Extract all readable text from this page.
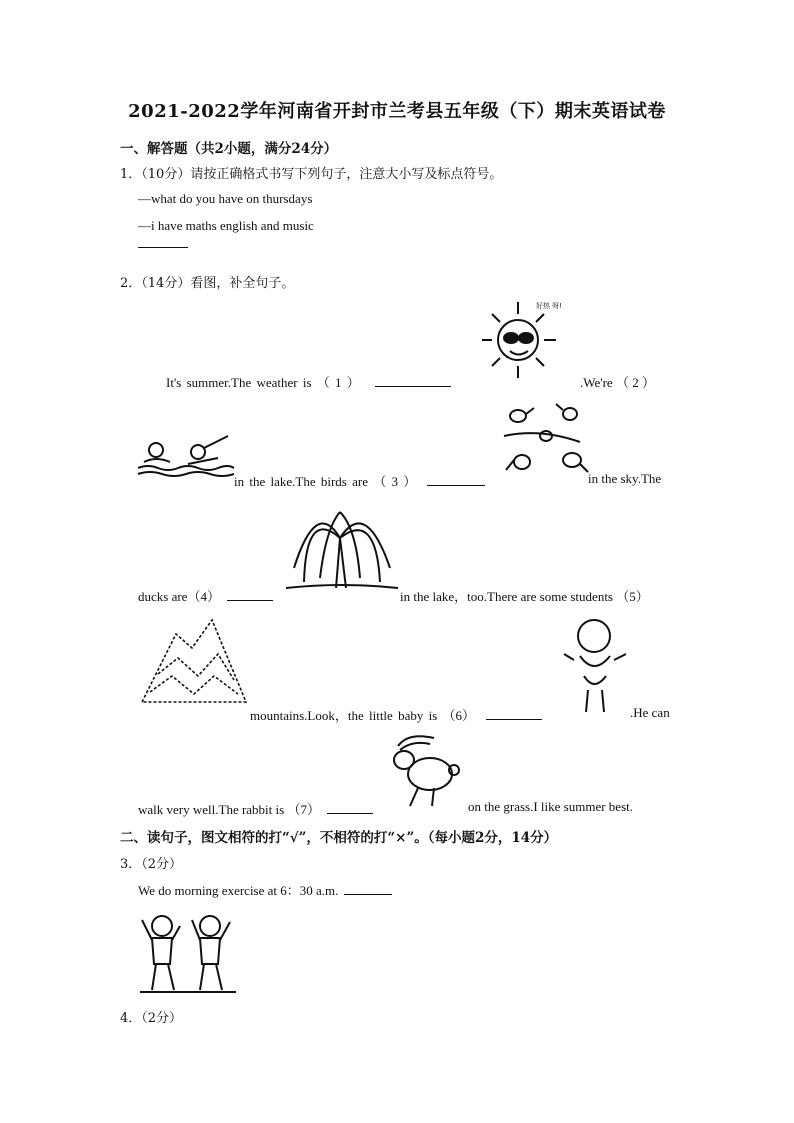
2021-2022学年河南省开封市兰考县五年级（下）期末英语试卷
一、解答题（共2小题，满分24分）
1．（10分）请按正确格式书写下列句子，注意大小写及标点符号。
—what do you have on thursdays
—i have maths english and music
2．（14分）看图，补全句子。
好热 呀!
It's summer.The weather is （ 1 ）	.We're （ 2 ）
in the lake.The birds are （ 3 ）	in the sky.The
ducks are（4）	in the lake，too.There are some students （5）
mountains.Look，the little baby is （6）	.He can
walk very well.The rabbit is （7）	on the grass.I like summer best.
二、读句子，图文相符的打“√”，不相符的打“×”。（每小题2分，14分）
3．（2分）
We do morning exercise at 6：30 a.m.
4．（2分）
